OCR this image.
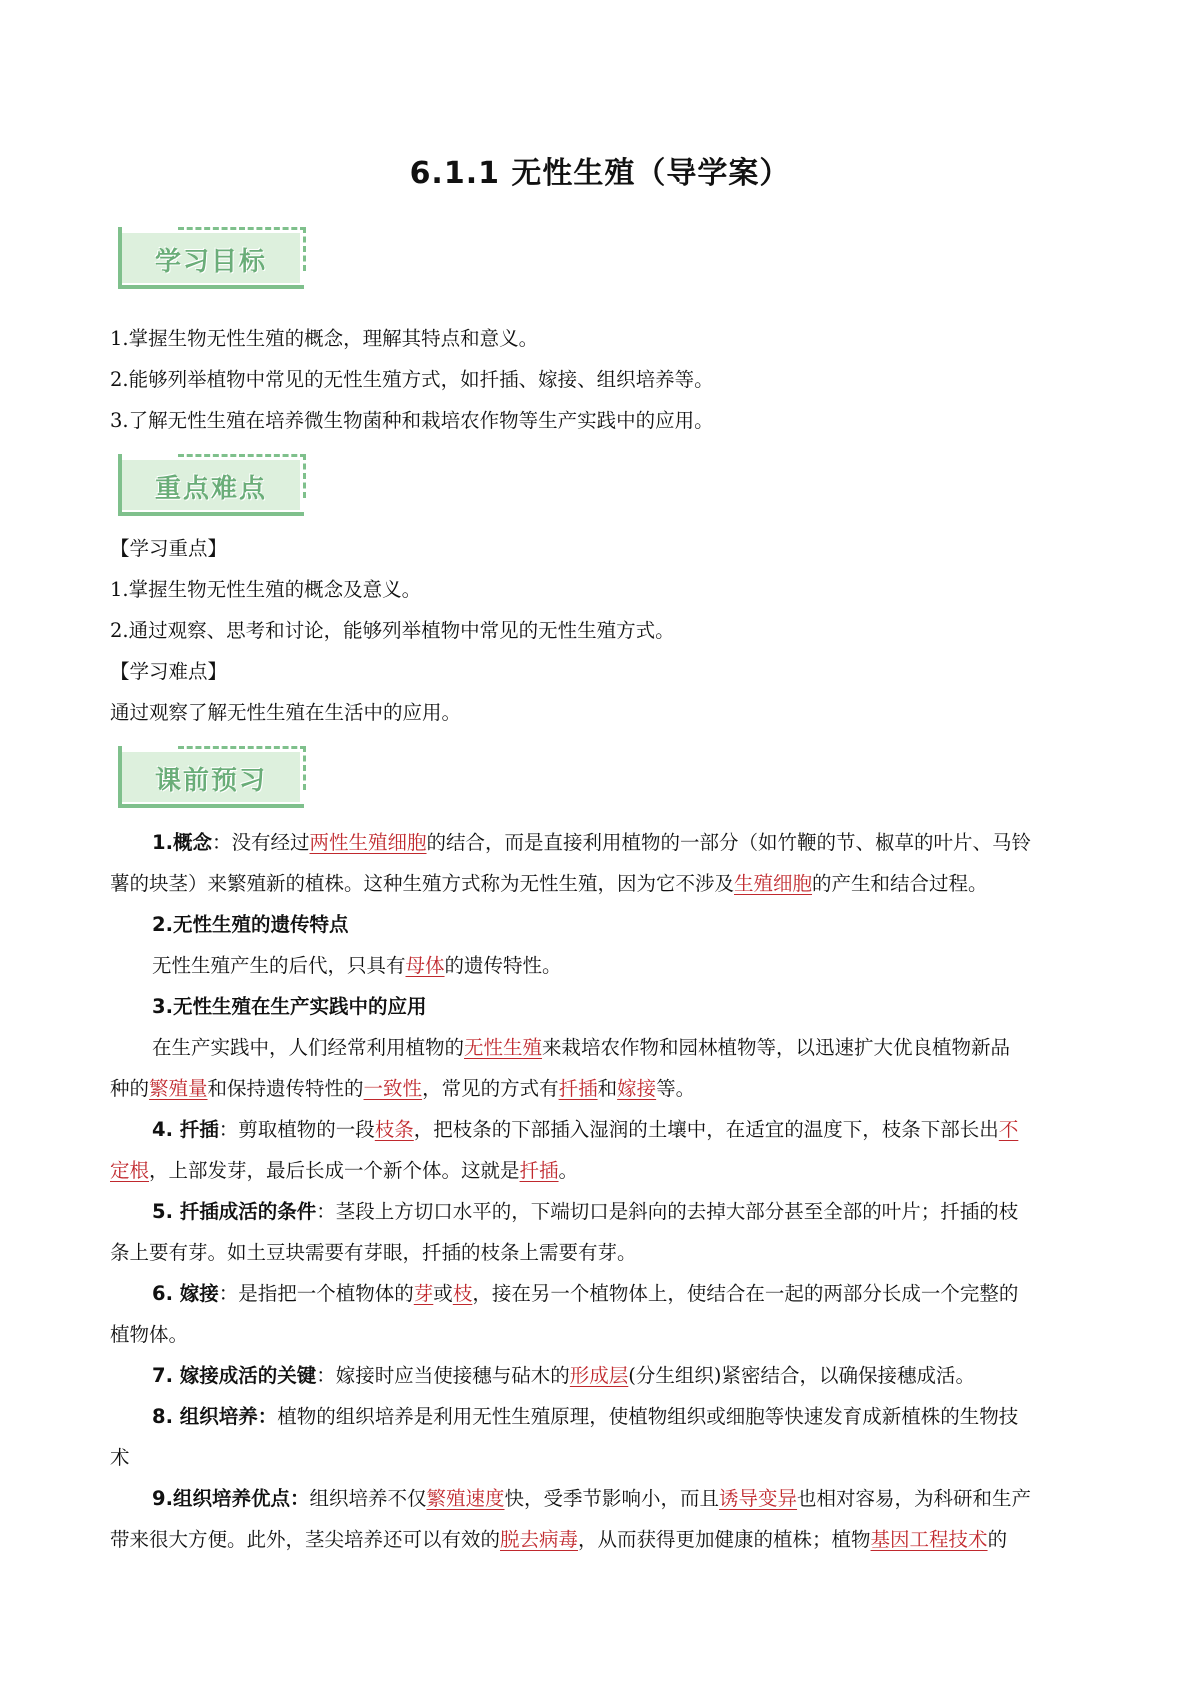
6.1.1 无性生殖（导学案）
学习目标
1.掌握生物无性生殖的概念，理解其特点和意义。
2.能够列举植物中常见的无性生殖方式，如扦插、嫁接、组织培养等。
3.了解无性生殖在培养微生物菌种和栽培农作物等生产实践中的应用。
重点难点
【学习重点】
1.掌握生物无性生殖的概念及意义。
2.通过观察、思考和讨论，能够列举植物中常见的无性生殖方式。
【学习难点】
通过观察了解无性生殖在生活中的应用。
课前预习
1.概念：没有经过两性生殖细胞的结合，而是直接利用植物的一部分（如竹鞭的节、椒草的叶片、马铃
薯的块茎）来繁殖新的植株。这种生殖方式称为无性生殖，因为它不涉及生殖细胞的产生和结合过程。
2.无性生殖的遗传特点
无性生殖产生的后代，只具有母体的遗传特性。
3.无性生殖在生产实践中的应用
在生产实践中，人们经常利用植物的无性生殖来栽培农作物和园林植物等，以迅速扩大优良植物新品
种的繁殖量和保持遗传特性的一致性，常见的方式有扦插和嫁接等。
4. 扦插：剪取植物的一段枝条，把枝条的下部插入湿润的土壤中，在适宜的温度下，枝条下部长出不
定根，上部发芽，最后长成一个新个体。这就是扦插。
5. 扦插成活的条件：茎段上方切口水平的，下端切口是斜向的去掉大部分甚至全部的叶片；扦插的枝
条上要有芽。如土豆块需要有芽眼，扦插的枝条上需要有芽。
6. 嫁接：是指把一个植物体的芽或枝，接在另一个植物体上，使结合在一起的两部分长成一个完整的
植物体。
7. 嫁接成活的关键：嫁接时应当使接穗与砧木的形成层(分生组织)紧密结合，以确保接穗成活。
8. 组织培养：植物的组织培养是利用无性生殖原理，使植物组织或细胞等快速发育成新植株的生物技
术
9.组织培养优点：组织培养不仅繁殖速度快，受季节影响小，而且诱导变异也相对容易，为科研和生产
带来很大方便。此外，茎尖培养还可以有效的脱去病毒，从而获得更加健康的植株；植物基因工程技术的
